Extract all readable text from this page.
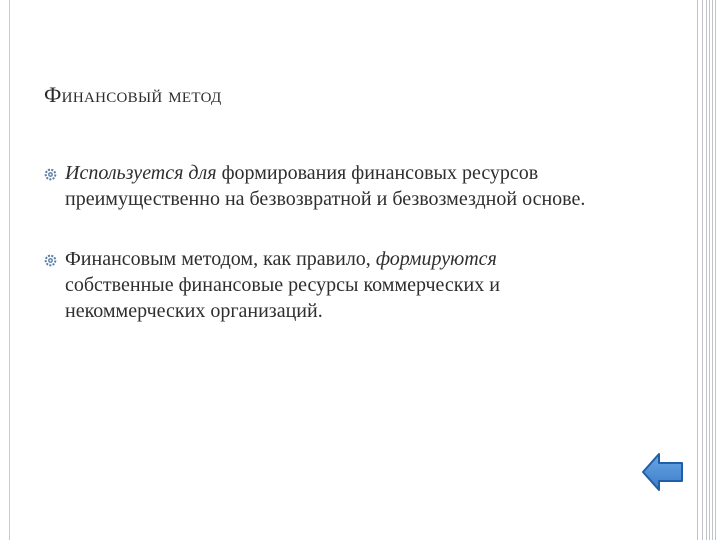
Финансовый метод
Используется для формирования финансовых ресурсов преимущественно на безвозвратной и безвозмездной основе.
Финансовым методом, как правило, формируются собственные финансовые ресурсы коммерческих и некоммерческих организаций.
